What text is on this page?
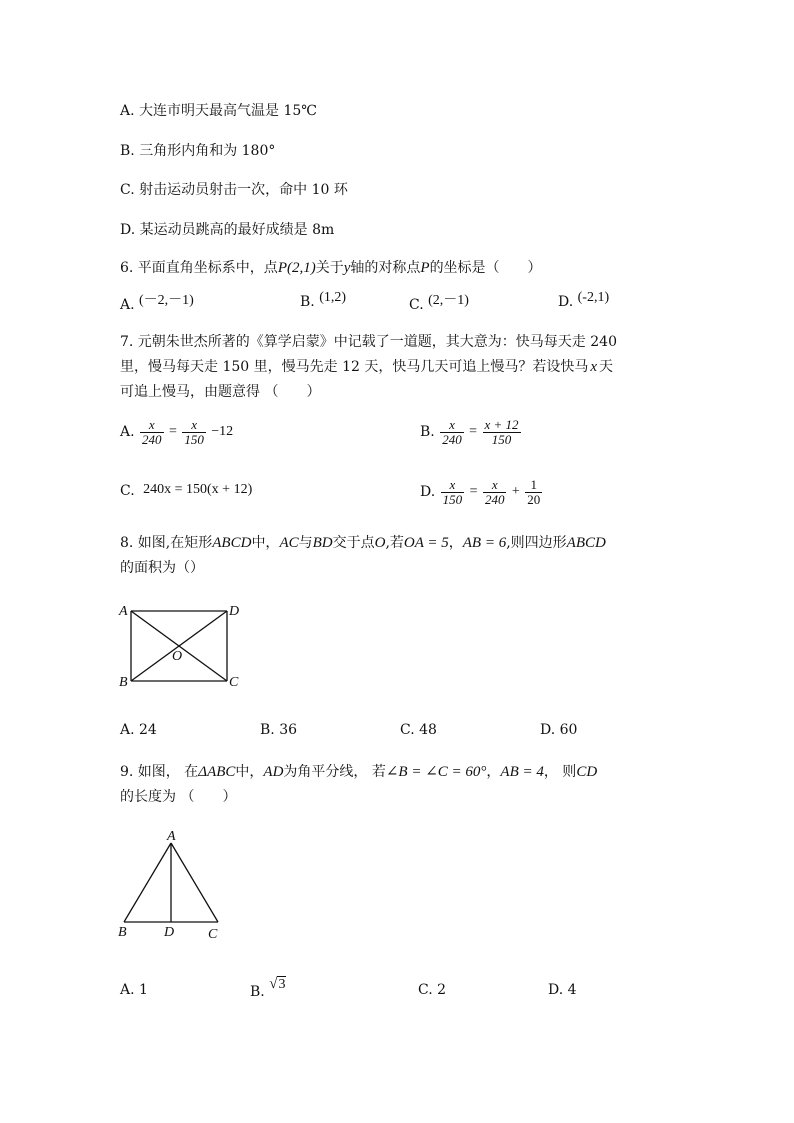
A. 大连市明天最高气温是 15℃
B. 三角形内角和为 180°
C. 射击运动员射击一次，命中 10 环
D. 某运动员跳高的最好成绩是 8m
6. 平面直角坐标系中，点P(2,1)关于y轴的对称点P的坐标是（　　）
A. (－2,－1)	B. (1,2)	C. (2,－1)	D. (-2,1)
7. 元朝朱世杰所著的《算学启蒙》中记载了一道题，其大意为：快马每天走 240
里，慢马每天走 150 里，慢马先走 12 天，快马几天可追上慢马？若设快马 x 天
可追上慢马，由题意得 （　　）
A. $\frac{x}{240} = \frac{x}{150} -12$	B. $\frac{x}{240} = \frac{x + 12}{150}$
C. 240x = 150(x + 12)	D. $\frac{x}{150} = \frac{x}{240} + \frac{1}{20}$
8. 如图,在矩形ABCD中，AC与BD交于点O,若OA = 5，AB = 6,则四边形ABCD
的面积为（）
A	D
B	C
O
A. 24	B. 36	C. 48	D. 60
9. 如图， 在ΔABC中，AD为角平分线， 若∠B = ∠C = 60°，AB = 4， 则CD
的长度为 （　　）
A
B	D C
A. 1	B. √3	C. 2	D. 4
